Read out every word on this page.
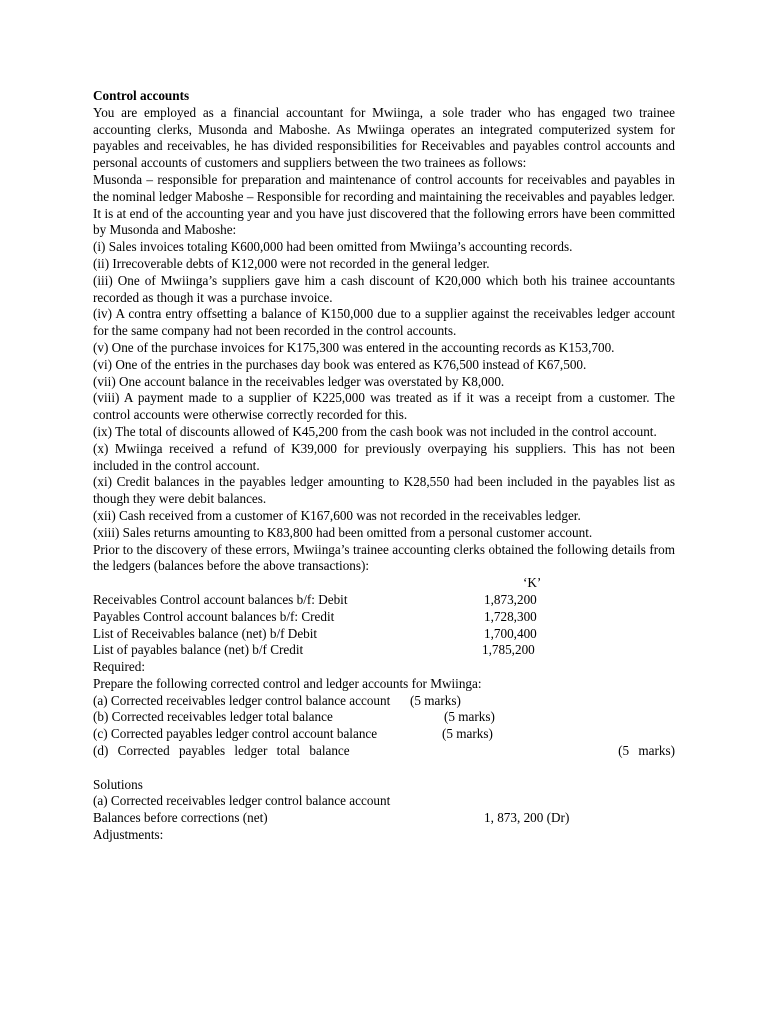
Control accounts
You are employed as a financial accountant for Mwiinga, a sole trader who has engaged two trainee accounting clerks, Musonda and Maboshe. As Mwiinga operates an integrated computerized system for payables and receivables, he has divided responsibilities for Receivables and payables control accounts and personal accounts of customers and suppliers between the two trainees as follows:
Musonda – responsible for preparation and maintenance of control accounts for receivables and payables in the nominal ledger Maboshe – Responsible for recording and maintaining the receivables and payables ledger.
It is at end of the accounting year and you have just discovered that the following errors have been committed by Musonda and Maboshe:
(i) Sales invoices totaling K600,000 had been omitted from Mwiinga’s accounting records.
(ii) Irrecoverable debts of K12,000 were not recorded in the general ledger.
(iii) One of Mwiinga’s suppliers gave him a cash discount of K20,000 which both his trainee accountants recorded as though it was a purchase invoice.
(iv) A contra entry offsetting a balance of K150,000 due to a supplier against the receivables ledger account for the same company had not been recorded in the control accounts.
(v) One of the purchase invoices for K175,300 was entered in the accounting records as K153,700.
(vi) One of the entries in the purchases day book was entered as K76,500 instead of K67,500.
(vii) One account balance in the receivables ledger was overstated by K8,000.
(viii) A payment made to a supplier of K225,000 was treated as if it was a receipt from a customer. The control accounts were otherwise correctly recorded for this.
(ix) The total of discounts allowed of K45,200 from the cash book was not included in the control account.
(x) Mwiinga received a refund of K39,000 for previously overpaying his suppliers. This has not been included in the control account.
(xi) Credit balances in the payables ledger amounting to K28,550 had been included in the payables list as though they were debit balances.
(xii) Cash received from a customer of K167,600 was not recorded in the receivables ledger.
(xiii) Sales returns amounting to K83,800 had been omitted from a personal customer account.
Prior to the discovery of these errors, Mwiinga’s trainee accounting clerks obtained the following details from the ledgers (balances before the above transactions):
‘K’
Receivables Control account balances b/f: Debit	1,873,200
Payables Control account balances b/f: Credit	1,728,300
List of Receivables balance (net) b/f Debit	1,700,400
List of payables balance (net) b/f Credit	1,785,200
Required:
Prepare the following corrected control and ledger accounts for Mwiinga:
(a) Corrected receivables ledger control balance account (5 marks)
(b) Corrected receivables ledger total balance	(5 marks)
(c) Corrected payables ledger control account balance	(5 marks)
(d) Corrected payables ledger total balance	(5 marks)
Solutions
(a) Corrected receivables ledger control balance account
Balances before corrections (net)	1, 873, 200 (Dr)
Adjustments:
